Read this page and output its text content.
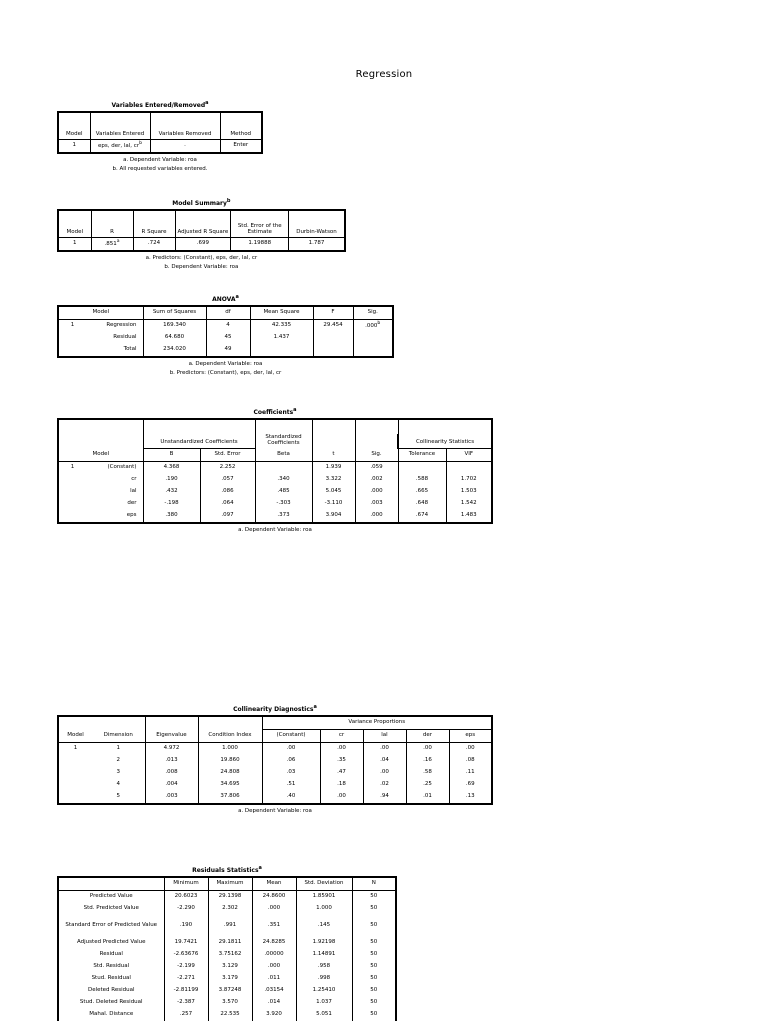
Regression
Variables Entered/Removed$^a$
Model	Variables Entered	Variables Removed	Method
1	eps, der, lal, $cr^b$	.	Enter
a. Dependent Variable: roa
b. All requested variables entered.
Model Summary$^b$
Model	R	R Square	Adjusted R Square	Std. Error of the Estimate	Durbin-Watson
1	.851$^a$	.724	.699	1.19888	1.787
a. Predictors: (Constant), eps, der, lal, cr
b. Dependent Variable: roa
ANOVA$^a$
Model		Sum of Squares	df	Mean Square	F	Sig.
1	Regression	169.340	4	42.335	29.454	.000$^b$
	Residual	64.680	45	1.437		
	Total	234.020	49			
a. Dependent Variable: roa
b. Predictors: (Constant), eps, der, lal, cr
Coefficients$^a$
		Unstandardized Coefficients		Standardized Coefficients			Collinearity Statistics	

Model		B	Std. Error	Beta	t	Sig.	Tolerance	VIF
1	(Constant)	4.368	2.252		1.939	.059		
	cr	.190	.057	.340	3.322	.002	.588	1.702
	lal	.432	.086	.485	5.045	.000	.665	1.503
	der	-.198	.064	-.303	-3.110	.003	.648	1.542
	eps	.380	.097	.373	3.904	.000	.674	1.483
a. Dependent Variable: roa
Collinearity Diagnostics$^a$
				Variance Proportions				
Model	Dimension	Eigenvalue	Condition Index	(Constant)	cr	lal	der	eps
1	1	4.972	1.000	.00	.00	.00	.00	.00
	2	.013	19.860	.06	.35	.04	.16	.08
	3	.008	24.808	.03	.47	.00	.58	.11
	4	.004	34.695	.51	.18	.02	.25	.69
	5	.003	37.806	.40	.00	.94	.01	.13
a. Dependent Variable: roa
Residuals Statistics$^a$
	Minimum	Maximum	Mean	Std. Deviation	N
Predicted Value	20.6023	29.1398	24.8600	1.85901	50
Std. Predicted Value	-2.290	2.302	.000	1.000	50
Standard Error of Predicted Value	.190	.991	.351	.145	50
Adjusted Predicted Value	19.7421	29.1811	24.8285	1.92198	50
Residual	-2.63676	3.75162	.00000	1.14891	50
Std. Residual	-2.199	3.129	.000	.958	50
Stud. Residual	-2.271	3.179	.011	.998	50
Deleted Residual	-2.81199	3.87248	.03154	1.25410	50
Stud. Deleted Residual	-2.387	3.570	.014	1.037	50
Mahal. Distance	.257	22.535	3.920	5.051	50
